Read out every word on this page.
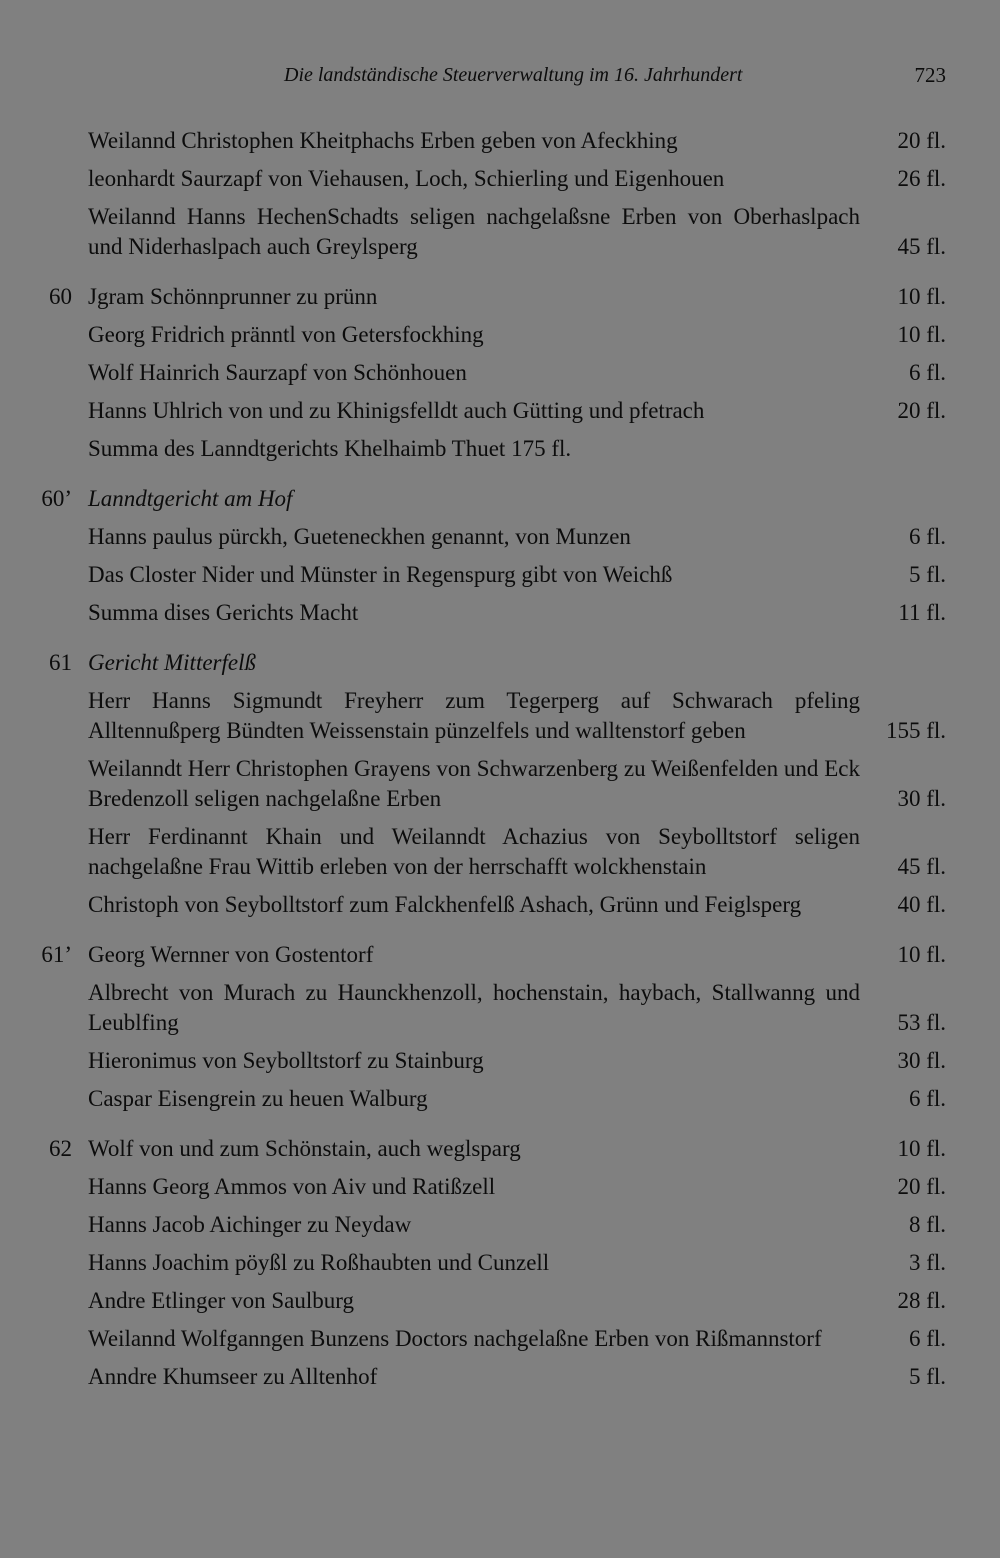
Die landständische Steuerverwaltung im 16. Jahrhundert	723
Weilannd Christophen Kheitphachs Erben geben von Afeckhing	20 fl.
leonhardt Saurzapf von Viehausen, Loch, Schierling und Eigenhouen	26 fl.
Weilannd Hanns HechenSchadts seligen nachgelaßsne Erben von Oberhaslpach und Niderhaslpach auch Greylsperg	45 fl.
60 Jgram Schönnprunner zu prünn	10 fl.
Georg Fridrich pränntl von Getersfockhing	10 fl.
Wolf Hainrich Saurzapf von Schönhouen	6 fl.
Hanns Uhlrich von und zu Khinigsfelldt auch Gütting und pfetrach	20 fl.
Summa des Lanndtgerichts Khelhaimb Thuet 175 fl.
60’ Lanndtgericht am Hof
Hanns paulus pürckh, Gueteneckhen genannt, von Munzen	6 fl.
Das Closter Nider und Münster in Regenspurg gibt von Weichß	5 fl.
Summa dises Gerichts Macht	11 fl.
61 Gericht Mitterfelß
Herr Hanns Sigmundt Freyherr zum Tegerperg auf Schwarach pfeling Alltennußperg Bündten Weissenstain pünzelfels und walltenstorf geben	155 fl.
Weilanndt Herr Christophen Grayens von Schwarzenberg zu Weißenfelden und Eck Bredenzoll seligen nachgelaßne Erben	30 fl.
Herr Ferdinannt Khain und Weilanndt Achazius von Seybolltstorf seligen nachgelaßne Frau Wittib erleben von der herrschafft wolckhenstain	45 fl.
Christoph von Seybolltstorf zum Falckhenfelß Ashach, Grünn und Feiglsperg	40 fl.
61’ Georg Wernner von Gostentorf	10 fl.
Albrecht von Murach zu Haunckhenzoll, hochenstain, haybach, Stallwanng und Leublfing	53 fl.
Hieronimus von Seybolltstorf zu Stainburg	30 fl.
Caspar Eisengrein zu heuen Walburg	6 fl.
62 Wolf von und zum Schönstain, auch weglsparg	10 fl.
Hanns Georg Ammos von Aiv und Ratißzell	20 fl.
Hanns Jacob Aichinger zu Neydaw	8 fl.
Hanns Joachim pöyßl zu Roßhaubten und Cunzell	3 fl.
Andre Etlinger von Saulburg	28 fl.
Weilannd Wolfganngen Bunzens Doctors nachgelaßne Erben von Rißmannstorf	6 fl.
Anndre Khumseer zu Alltenhof	5 fl.
